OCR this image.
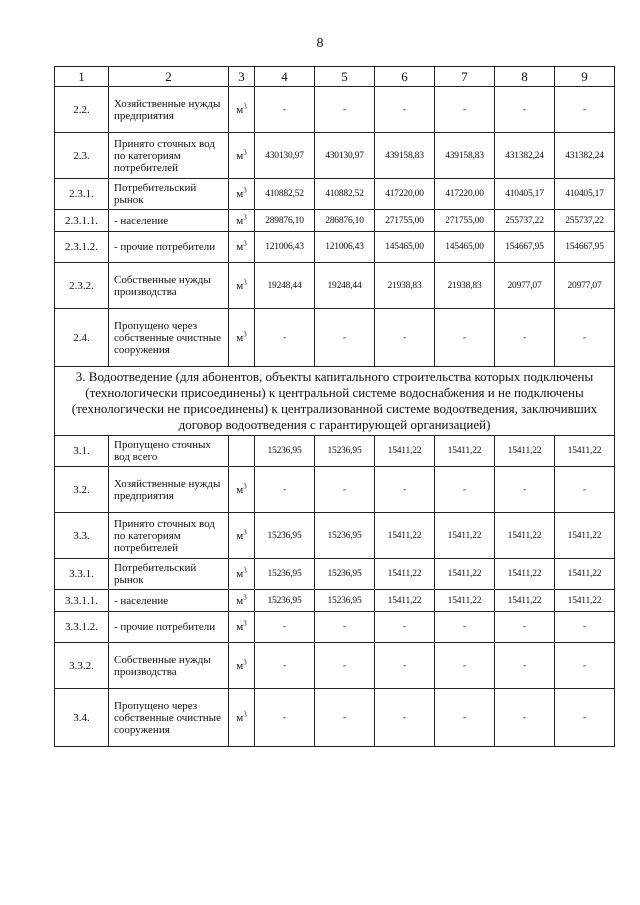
8
1	2	3	4	5	6	7	8	9
2.2.	Хозяйственные нужды предприятия	$м^3$	-	-	-	-	-	-
2.3.	Принято сточных вод по категориям потребителей	$м^3$	430130,97	430130,97	439158,83	439158,83	431382,24	431382,24
2.3.1.	Потребительский рынок	$м^3$	410882,52	410882,52	417220,00	417220,00	410405,17	410405,17
2.3.1.1.	- население	$м^3$	289876,10	286876,10	271755,00	271755,00	255737,22	255737,22
2.3.1.2.	- прочие потребители	$м^3$	121006,43	121006,43	145465,00	145465,00	154667,95	154667,95
2.3.2.	Собственные нужды производства	$м^3$	19248,44	19248,44	21938,83	21938,83	20977,07	20977,07
2.4.	Пропущено через собственные очистные сооружения	$м^3$	-	-	-	-	-	-
3. Водоотведение (для абонентов, объекты капитального строительства которых подключены (технологически присоединены) к центральной системе водоснабжения и не подключены (технологически не присоединены) к централизованной системе водоотведения, заключивших договор водоотведения с гарантирующей организацией)								
3.1.	Пропущено сточных вод всего		15236,95	15236,95	15411,22	15411,22	15411,22	15411,22
3.2.	Хозяйственные нужды предприятия	$м^3$	-	-	-	-	-	-
3.3.	Принято сточных вод по категориям потребителей	$м^3$	15236,95	15236,95	15411,22	15411,22	15411,22	15411,22
3.3.1.	Потребительский рынок	$м^3$	15236,95	15236,95	15411,22	15411,22	15411,22	15411,22
3.3.1.1.	- население	$м^3$	15236,95	15236,95	15411,22	15411,22	15411,22	15411,22
3.3.1.2.	- прочие потребители	$м^3$	-	-	-	-	-	-
3.3.2.	Собственные нужды производства	$м^3$	-	-	-	-	-	-
3.4.	Пропущено через собственные очистные сооружения	$м^3$	-	-	-	-	-	-
